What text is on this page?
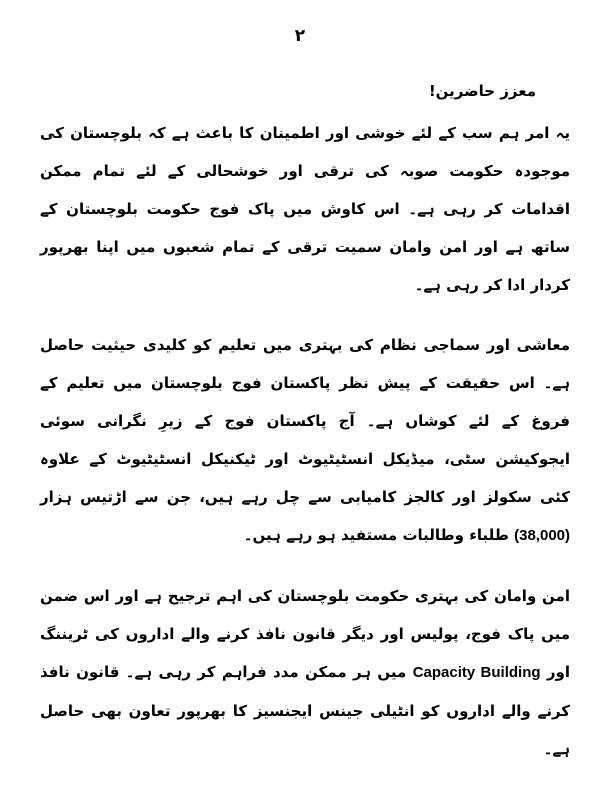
۲

معزز حاضرین!

یہ امر ہم سب کے لئے خوشی اور اطمینان کا باعث ہے کہ بلوچستان کی موجودہ حکومت صوبہ کی ترقی اور خوشحالی کے لئے تمام ممکن اقدامات کر رہی ہے۔ اس کاوش میں پاک فوج حکومت بلوچستان کے ساتھ ہے اور امن وامان سمیت ترقی کے تمام شعبوں میں اپنا بھرپور کردار ادا کر رہی ہے۔

معاشی اور سماجی نظام کی بہتری میں تعلیم کو کلیدی حیثیت حاصل ہے۔ اس حقیقت کے پیش نظر پاکستان فوج بلوچستان میں تعلیم کے فروغ کے لئے کوشاں ہے۔ آج پاکستان فوج کے زیرِ نگرانی سوئی ایجوکیشن سٹی، میڈیکل انسٹیٹیوٹ اور ٹیکنیکل انسٹیٹیوٹ کے علاوہ کئی سکولز اور کالجز کامیابی سے چل رہے ہیں، جن سے اڑتیس ہزار (38,000) طلباء وطالبات مستفید ہو رہے ہیں۔

امن وامان کی بہتری حکومت بلوچستان کی اہم ترجیح ہے اور اس ضمن میں پاک فوج، پولیس اور دیگر قانون نافذ کرنے والے اداروں کی ٹریننگ اور Capacity Building میں ہر ممکن مدد فراہم کر رہی ہے۔ قانون نافذ کرنے والے اداروں کو انٹیلی جینس ایجنسیز کا بھرپور تعاون بھی حاصل ہے۔
